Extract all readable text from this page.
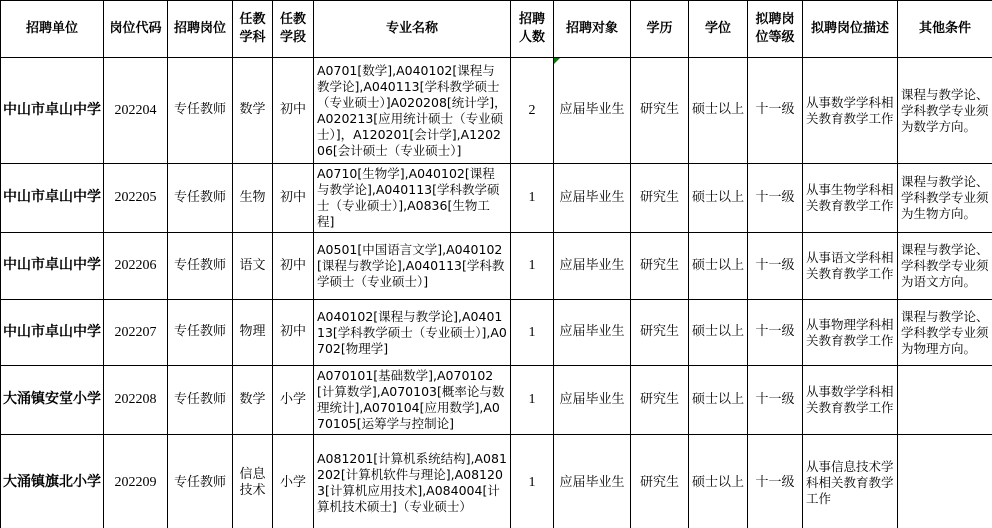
招聘单位	岗位代码	招聘岗位	任教学科	任教学段	专业名称	招聘人数	招聘对象	学历	学位	拟聘岗位等级	拟聘岗位描述	其他条件
中山市卓山中学	202204	专任教师	数学	初中	A0701[数学],A040102[课程与教学论],A040113[学科教学硕士（专业硕士）]A020208[统计学]，A020213[应用统计硕士（专业硕士）]，A120201[会计学],A120206[会计硕士（专业硕士）]	2	应届毕业生	研究生	硕士以上	十一级	从事数学学科相关教育教学工作	课程与教学论、学科教学专业须为数学方向。
中山市卓山中学	202205	专任教师	生物	初中	A0710[生物学],A040102[课程与教学论],A040113[学科教学硕士（专业硕士）],A0836[生物工程]	1	应届毕业生	研究生	硕士以上	十一级	从事生物学科相关教育教学工作	课程与教学论、学科教学专业须为生物方向。
中山市卓山中学	202206	专任教师	语文	初中	A0501[中国语言文学],A040102[课程与教学论],A040113[学科教学硕士（专业硕士）]	1	应届毕业生	研究生	硕士以上	十一级	从事语文学科相关教育教学工作	课程与教学论、学科教学专业须为语文方向。
中山市卓山中学	202207	专任教师	物理	初中	A040102[课程与教学论],A040113[学科教学硕士（专业硕士）],A0702[物理学]	1	应届毕业生	研究生	硕士以上	十一级	从事物理学科相关教育教学工作	课程与教学论、学科教学专业须为物理方向。
大涌镇安堂小学	202208	专任教师	数学	小学	A070101[基础数学],A070102[计算数学],A070103[概率论与数理统计],A070104[应用数学],A070105[运筹学与控制论]	1	应届毕业生	研究生	硕士以上	十一级	从事数学学科相关教育教学工作	
大涌镇旗北小学	202209	专任教师	信息技术	小学	A081201[计算机系统结构],A081202[计算机软件与理论],A081203[计算机应用技术],A084004[计算机技术硕士]（专业硕士）	1	应届毕业生	研究生	硕士以上	十一级	从事信息技术学科相关教育教学工作	
